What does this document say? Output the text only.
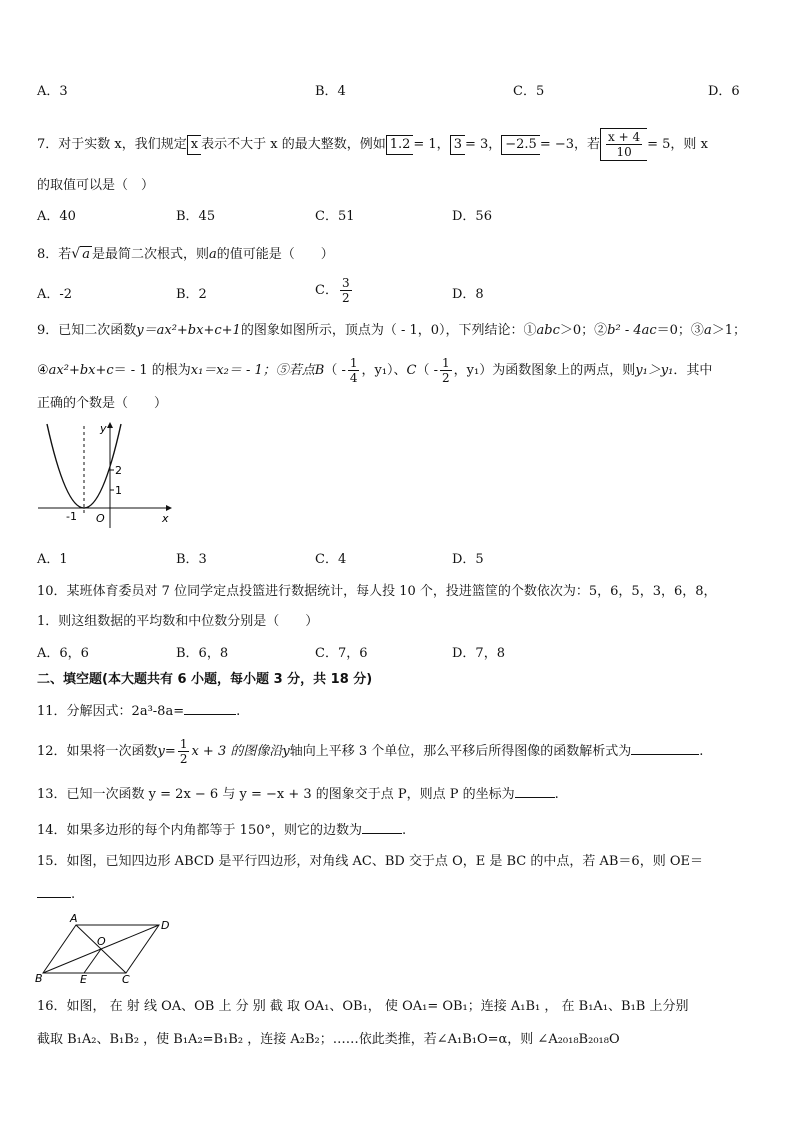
A．3	B．4	C．5	D．6
7．对于实数 x，我们规定 x 表示不大于 x 的最大整数，例如 1.2 = 1， 3 = 3， −2.5 = −3，若 $\frac{x + 4}{10} = 5$，则 x
的取值可以是（　）
A．40	B．45	C．51	D．56
8．若√ a 是最简二次根式，则a的值可能是（　　）
A．-2	B．2	C． $\frac{3}{2}$	D．8
9．已知二次函数y＝ax²+bx+c+1的图象如图所示，顶点为（ - 1，0），下列结论：①abc＞0；②b² - 4ac＝0；③a＞1；
④ax²+bx+c＝ - 1 的根为x₁＝x₂＝ - 1；⑤若点$B( - \frac{1}{4}$ ，y₁）、$C( - \frac{1}{2}$ ，y₁）为函数图象上的两点，则y₁＞y₁．其中
正确的个数是（　　）
y
x
O
-1
2
1
A．1	B．3	C．4	D．5
10．某班体育委员对 7 位同学定点投篮进行数据统计，每人投 10 个，投进篮筐的个数依次为：5，6，5，3，6，8，
1．则这组数据的平均数和中位数分别是（　　）
A．6，6	B．6，8	C．7，6	D．7，8
二、填空题(本大题共有 6 小题，每小题 3 分，共 18 分)
11．分解因式：2a³-8a=	.
12．如果将一次函数$y= \frac{1}{2}$ x + 3 的图像沿y轴向上平移 3 个单位，那么平移后所得图像的函数解析式为	.
13．已知一次函数 y = 2x − 6 与 y = −x + 3 的图象交于点 P，则点 P 的坐标为	.
14．如果多边形的每个内角都等于 150°，则它的边数为	.
15．如图，已知四边形 ABCD 是平行四边形，对角线 AC、BD 交于点 O，E 是 BC 的中点，若 AB＝6，则 OE＝
.
A
D
B	C
E
O
16．如图， 在 射 线 OA、OB 上 分 别 截 取 OA₁、OB₁， 使 OA₁= OB₁；连接 A₁B₁ ， 在 B₁A₁、B₁B 上分别
截取 B₁A₂、B₁B₂ ，使 B₁A₂=B₁B₂ ，连接 A₂B₂；……依此类推，若∠A₁B₁O=α，则 ∠A₂₀₁₈B₂₀₁₈O
